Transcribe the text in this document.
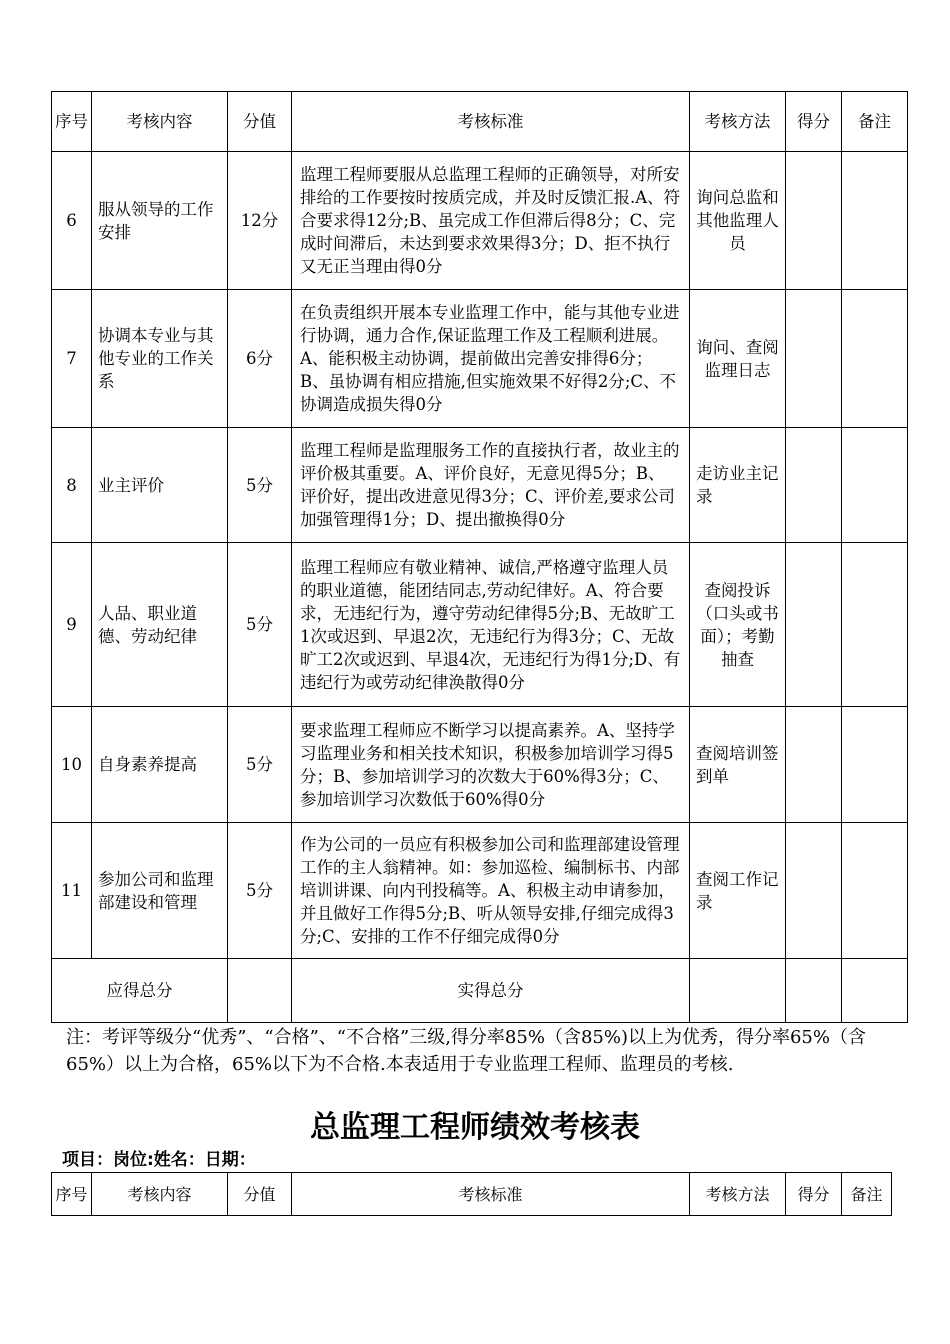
序号	考核内容	分值	考核标准	考核方法	得分	备注
6	服从领导的工作安排	12分	监理工程师要服从总监理工程师的正确领导，对所安排给的工作要按时按质完成，并及时反馈汇报.A、符合要求得12分;B、虽完成工作但滞后得8分；C、完成时间滞后，未达到要求效果得3分；D、拒不执行又无正当理由得0分	询问总监和其他监理人员		
7	协调本专业与其他专业的工作关系	6分	在负责组织开展本专业监理工作中，能与其他专业进行协调，通力合作,保证监理工作及工程顺利进展。A、能积极主动协调，提前做出完善安排得6分；B、虽协调有相应措施,但实施效果不好得2分;C、不协调造成损失得0分	询问、查阅监理日志		
8	业主评价	5分	监理工程师是监理服务工作的直接执行者，故业主的评价极其重要。A、评价良好，无意见得5分；B、评价好，提出改进意见得3分；C、评价差,要求公司加强管理得1分；D、提出撤换得0分	走访业主记录		
9	人品、职业道德、劳动纪律	5分	监理工程师应有敬业精神、诚信,严格遵守监理人员的职业道德，能团结同志,劳动纪律好。A、符合要求，无违纪行为，遵守劳动纪律得5分;B、无故旷工1次或迟到、早退2次，无违纪行为得3分；C、无故旷工2次或迟到、早退4次，无违纪行为得1分;D、有违纪行为或劳动纪律涣散得0分	查阅投诉（口头或书面）；考勤抽查		
10	自身素养提高	5分	要求监理工程师应不断学习以提高素养。A、坚持学习监理业务和相关技术知识，积极参加培训学习得5分；B、参加培训学习的次数大于60%得3分；C、参加培训学习次数低于60%得0分	查阅培训签到单		
11	参加公司和监理部建设和管理	5分	作为公司的一员应有积极参加公司和监理部建设管理工作的主人翁精神。如：参加巡检、编制标书、内部培训讲课、向内刊投稿等。A、积极主动申请参加，并且做好工作得5分;B、听从领导安排,仔细完成得3分;C、安排的工作不仔细完成得0分	查阅工作记录		
应得总分			实得总分			
注：考评等级分“优秀”、“合格”、“不合格”三级,得分率85%（含85%)以上为优秀，得分率65%（含65%）以上为合格，65%以下为不合格.本表适用于专业监理工程师、监理员的考核.
总监理工程师绩效考核表
项目：岗位:姓名：日期：
序号	考核内容	分值	考核标准	考核方法	得分	备注
